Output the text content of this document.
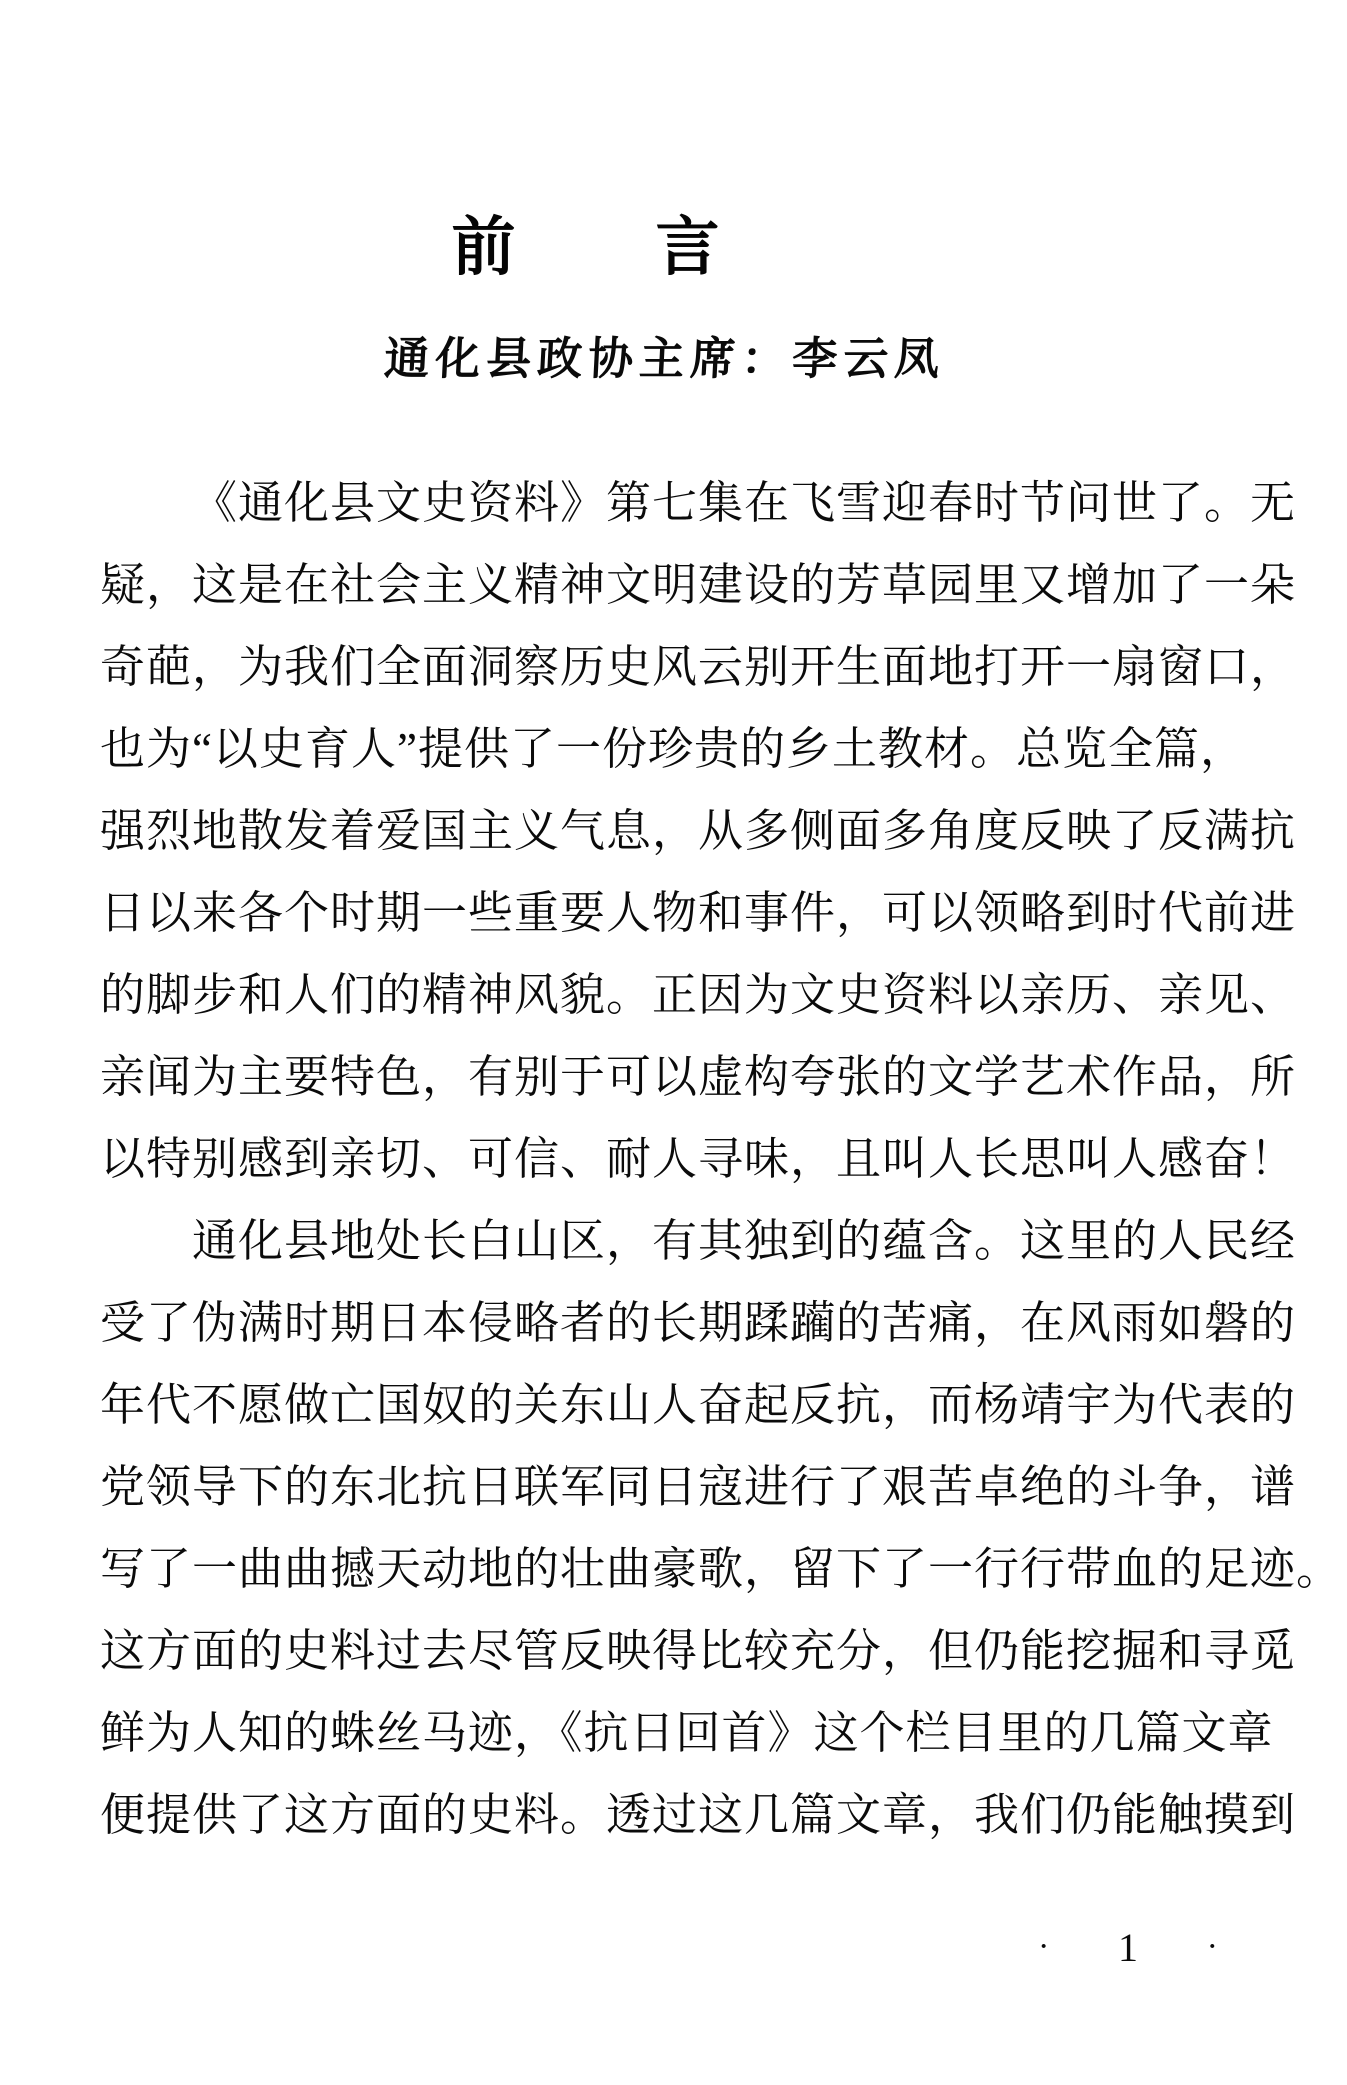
前　　言
通化县政协主席：李云凤
《通化县文史资料》第七集在飞雪迎春时节问世了。无
疑，这是在社会主义精神文明建设的芳草园里又增加了一朵
奇葩，为我们全面洞察历史风云别开生面地打开一扇窗口，
也为“以史育人”提供了一份珍贵的乡土教材。总览全篇，
强烈地散发着爱国主义气息，从多侧面多角度反映了反满抗
日以来各个时期一些重要人物和事件，可以领略到时代前进
的脚步和人们的精神风貌。正因为文史资料以亲历、亲见、
亲闻为主要特色，有别于可以虚构夸张的文学艺术作品，所
以特别感到亲切、可信、耐人寻味，且叫人长思叫人感奋！
通化县地处长白山区，有其独到的蕴含。这里的人民经
受了伪满时期日本侵略者的长期蹂躏的苦痛，在风雨如磐的
年代不愿做亡国奴的关东山人奋起反抗，而杨靖宇为代表的
党领导下的东北抗日联军同日寇进行了艰苦卓绝的斗争，谱
写了一曲曲撼天动地的壮曲豪歌，留下了一行行带血的足迹。
这方面的史料过去尽管反映得比较充分，但仍能挖掘和寻觅
鲜为人知的蛛丝马迹，《抗日回首》这个栏目里的几篇文章
便提供了这方面的史料。透过这几篇文章，我们仍能触摸到
· 1 ·
